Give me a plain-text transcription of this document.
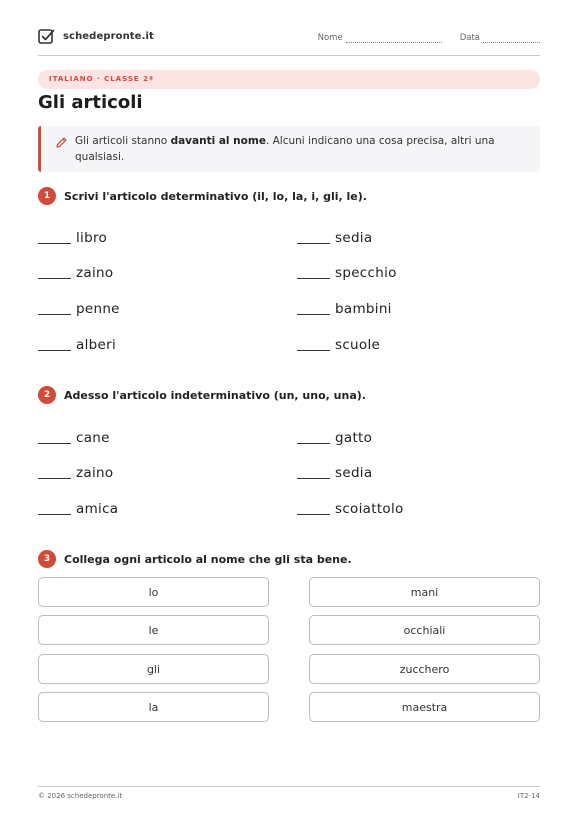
schedepronte.it	Nome	Data
ITALIANO · CLASSE 2ª
Gli articoli
Gli articoli stanno davanti al nome. Alcuni indicano una cosa precisa, altri una qualsiasi.
1	Scrivi l'articolo determinativo (il, lo, la, i, gli, le).
libro	sedia
zaino	specchio
penne	bambini
alberi	scuole
2	Adesso l'articolo indeterminativo (un, uno, una).
cane	gatto
zaino	sedia
amica	scoiattolo
3	Collega ogni articolo al nome che gli sta bene.
lo	mani
le	occhiali
gli	zucchero
la	maestra
© 2026 schedepronte.it	IT2-14
